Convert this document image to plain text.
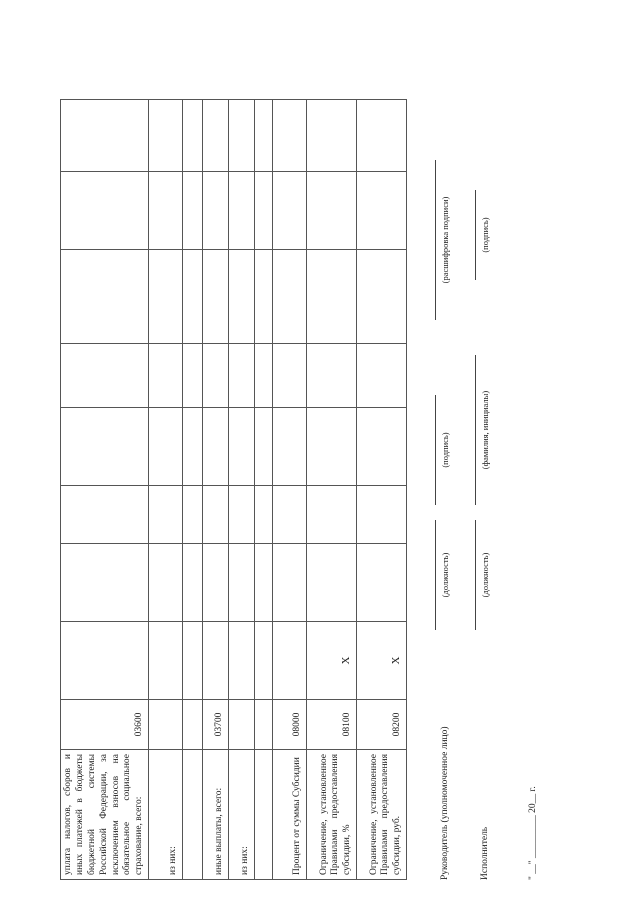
уплата налогов, сборов и иных платежей в бюджеты бюджетной системы Российской Федерации, за исключением взносов на обязательное социальное страхование, всего:	03600								
из них:									

иные выплаты, всего:	03700								
из них:									

Процент от суммы Субсидии	08000								
Ограничение, установленное Правилами предоставления субсидии, %	08100	X							
Ограничение, установленное Правилами предоставления субсидии, руб.	08200	X							
Руководитель (уполномоченное лицо)
(должность)
(подпись)
(расшифровка подписи)
Исполнитель
(должность)
(фамилия, инициалы)
(подпись)
" __" _________ 20__ г.
